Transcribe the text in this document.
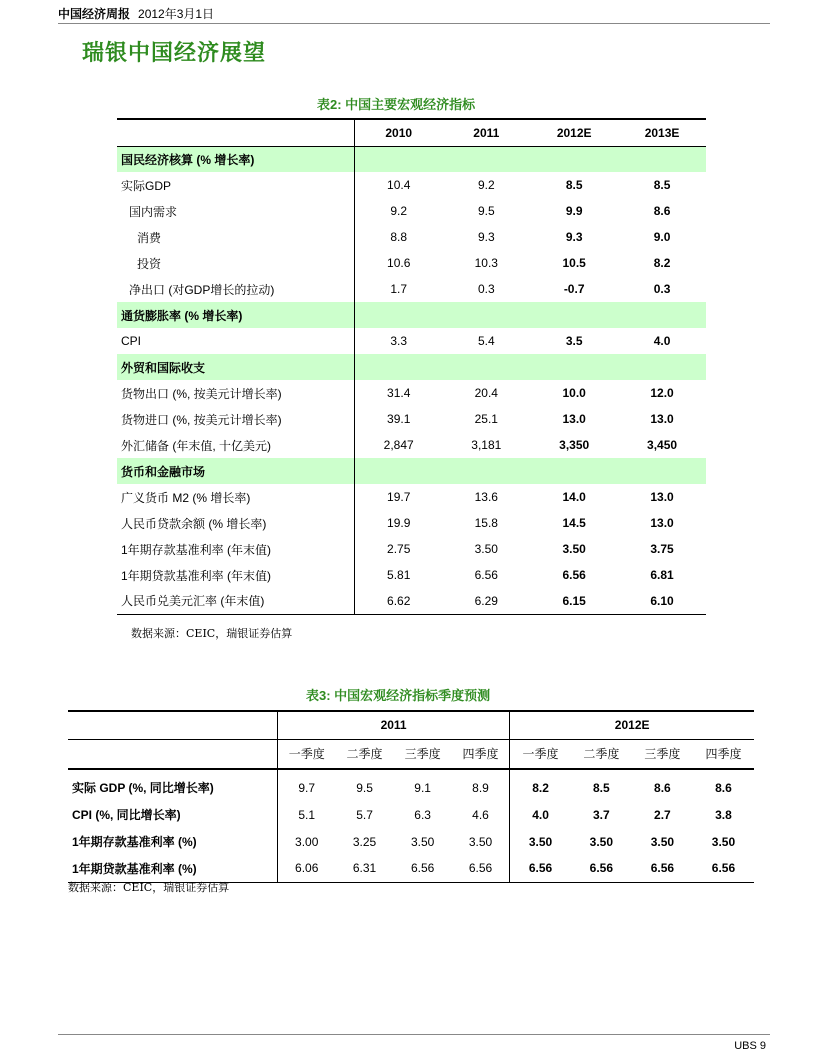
中国经济周报 2012年3月1日
瑞银中国经济展望
表2: 中国主要宏观经济指标
	2010	2011	2012E	2013E
国民经济核算 (% 增长率)				
实际GDP	10.4	9.2	8.5	8.5
国内需求	9.2	9.5	9.9	8.6
消费	8.8	9.3	9.3	9.0
投资	10.6	10.3	10.5	8.2
净出口 (对GDP增长的拉动)	1.7	0.3	-0.7	0.3
通货膨胀率 (% 增长率)				
CPI	3.3	5.4	3.5	4.0
外贸和国际收支				
货物出口 (%, 按美元计增长率)	31.4	20.4	10.0	12.0
货物进口 (%, 按美元计增长率)	39.1	25.1	13.0	13.0
外汇储备 (年末值, 十亿美元)	2,847	3,181	3,350	3,450
货币和金融市场				
广义货币 M2 (% 增长率)	19.7	13.6	14.0	13.0
人民币贷款余额 (% 增长率)	19.9	15.8	14.5	13.0
1年期存款基准利率 (年末值)	2.75	3.50	3.50	3.75
1年期贷款基准利率 (年末值)	5.81	6.56	6.56	6.81
人民币兑美元汇率 (年末值)	6.62	6.29	6.15	6.10
数据来源：CEIC，瑞银证券估算
表3: 中国宏观经济指标季度预测
	2011				2012E			
	一季度	二季度	三季度	四季度	一季度	二季度	三季度	四季度
实际 GDP (%, 同比增长率)	9.7	9.5	9.1	8.9	8.2	8.5	8.6	8.6
CPI (%, 同比增长率)	5.1	5.7	6.3	4.6	4.0	3.7	2.7	3.8
1年期存款基准利率 (%)	3.00	3.25	3.50	3.50	3.50	3.50	3.50	3.50
1年期贷款基准利率 (%)	6.06	6.31	6.56	6.56	6.56	6.56	6.56	6.56
数据来源：CEIC，瑞银证券估算
UBS 9
